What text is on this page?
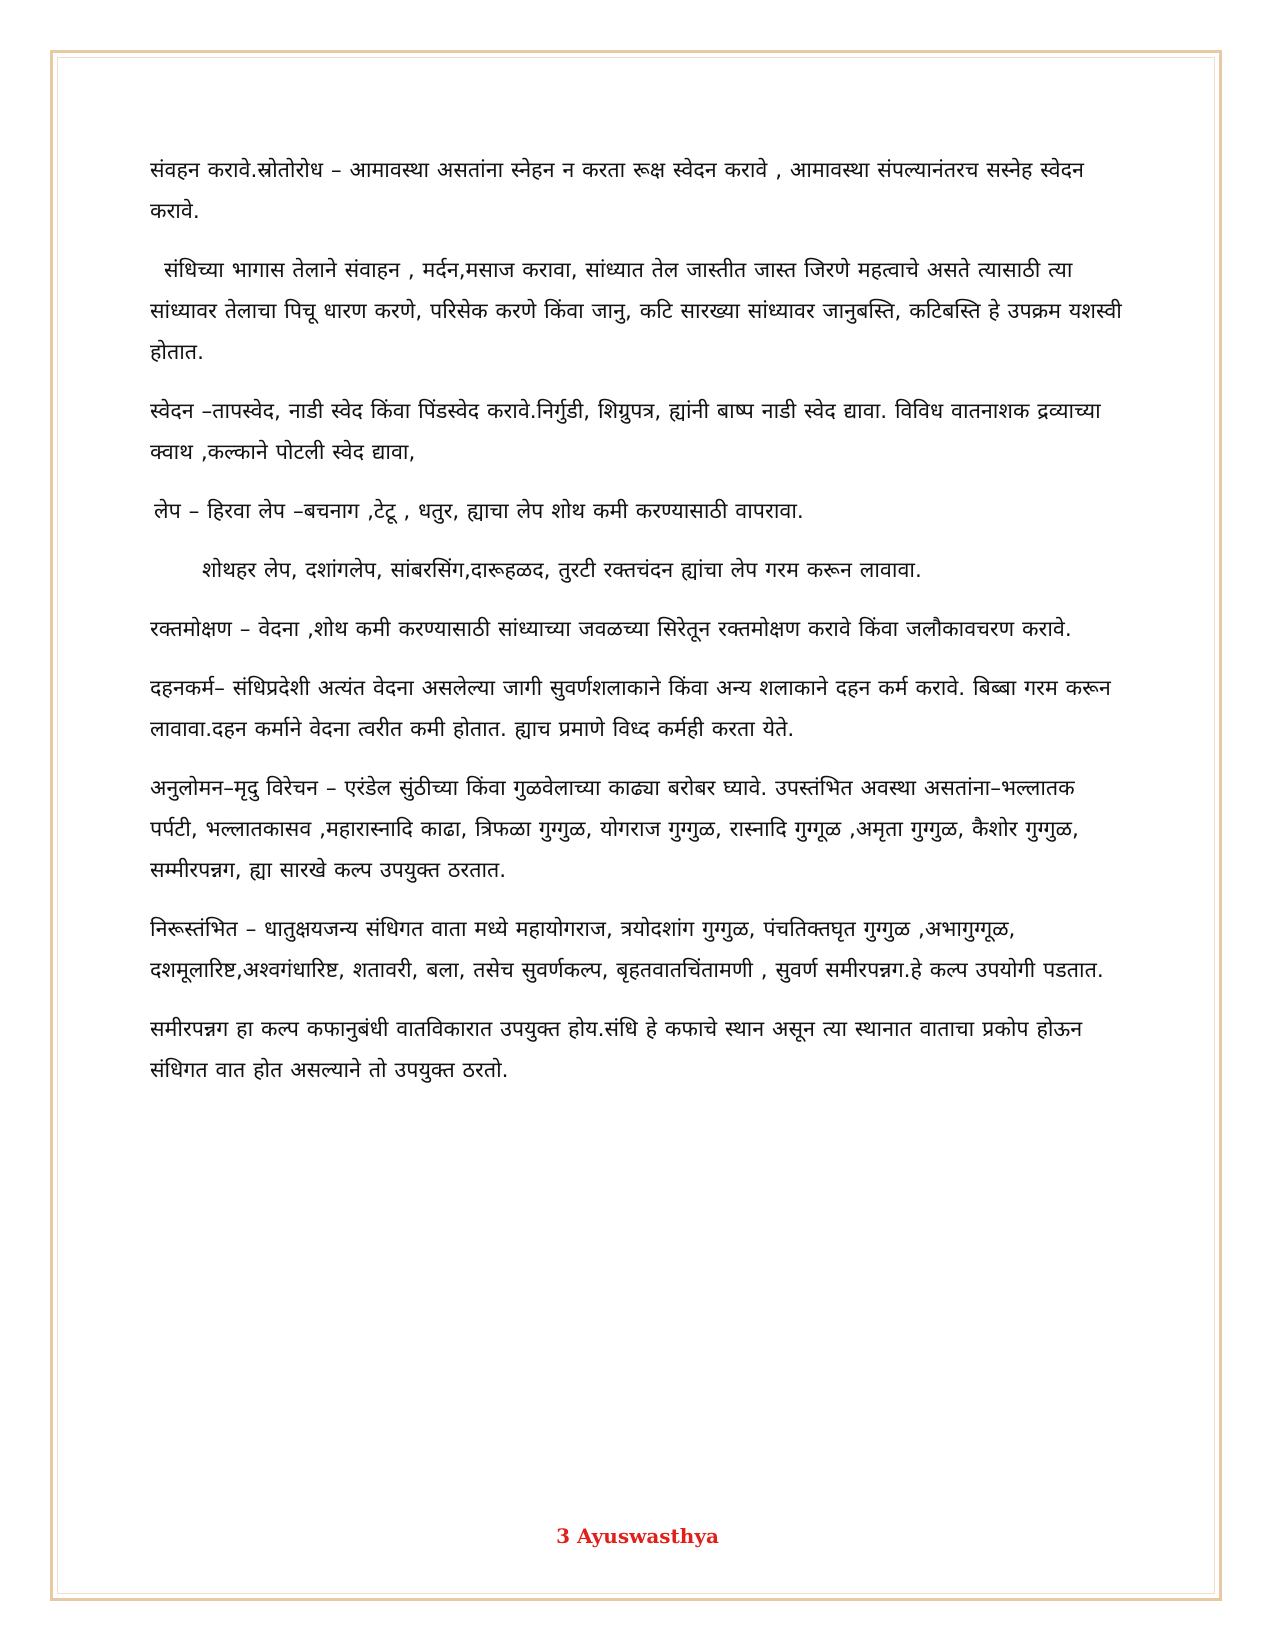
संवहन करावे.स्रोतोरोध – आमावस्था असतांना स्नेहन न करता रूक्ष स्वेदन करावे , आमावस्था संपल्यानंतरच सस्नेह स्वेदन करावे.

संधिच्या भागास तेलाने संवाहन , मर्दन,मसाज करावा, सांध्यात तेल जास्तीत जास्त जिरणे महत्वाचे असते त्यासाठी त्या सांध्यावर तेलाचा पिचू धारण करणे, परिसेक करणे किंवा जानु, कटि सारख्या सांध्यावर जानुबस्ति, कटिबस्ति हे उपक्रम यशस्वी होतात.

स्वेदन –तापस्वेद, नाडी स्वेद किंवा पिंडस्वेद करावे.निर्गुडी, शिग्रुपत्र, ह्यांनी बाष्प नाडी स्वेद द्यावा. विविध वातनाशक द्रव्याच्या क्वाथ ,कल्काने पोटली स्वेद द्यावा,

लेप – हिरवा लेप –बचनाग ,टेटू , धतुर, ह्याचा लेप शोथ कमी करण्यासाठी वापरावा.

शोथहर लेप, दशांगलेप, सांबरसिंग,दारूहळद, तुरटी रक्तचंदन ह्यांचा लेप गरम करून लावावा.

रक्तमोक्षण – वेदना ,शोथ कमी करण्यासाठी सांध्याच्या जवळच्या सिरेतून रक्तमोक्षण करावे किंवा जलौकावचरण करावे.

दहनकर्म– संधिप्रदेशी अत्यंत वेदना असलेल्या जागी सुवर्णशलाकाने किंवा अन्य शलाकाने दहन कर्म करावे. बिब्बा गरम करून लावावा.दहन कर्माने वेदना त्वरीत कमी होतात. ह्याच प्रमाणे विध्द कर्मही करता येते.

अनुलोमन–मृदु विरेचन – एरंडेल सुंठीच्या किंवा गुळवेलाच्या काढ्या बरोबर घ्यावे. उपस्तंभित अवस्था असतांना–भल्लातक पर्पटी, भल्लातकासव ,महारास्नादि काढा, त्रिफळा गुग्गुळ, योगराज गुग्गुळ, रास्नादि गुग्गूळ ,अमृता गुग्गुळ, कैशोर गुग्गुळ, सम्मीरपन्नग, ह्या सारखे कल्प उपयुक्त ठरतात.

निरूस्तंभित – धातुक्षयजन्य संधिगत वाता मध्ये महायोगराज, त्रयोदशांग गुग्गुळ, पंचतिक्तघृत गुग्गुळ ,अभागुग्गूळ, दशमूलारिष्ट,अश्वगंधारिष्ट, शतावरी, बला, तसेच सुवर्णकल्प, बृहतवातचिंतामणी , सुवर्ण समीरपन्नग.हे कल्प उपयोगी पडतात.

समीरपन्नग हा कल्प कफानुबंधी वातविकारात उपयुक्त होय.संधि हे कफाचे स्थान असून त्या स्थानात वाताचा प्रकोप होऊन संधिगत वात होत असल्याने तो उपयुक्त ठरतो.

3 Ayuswasthya
